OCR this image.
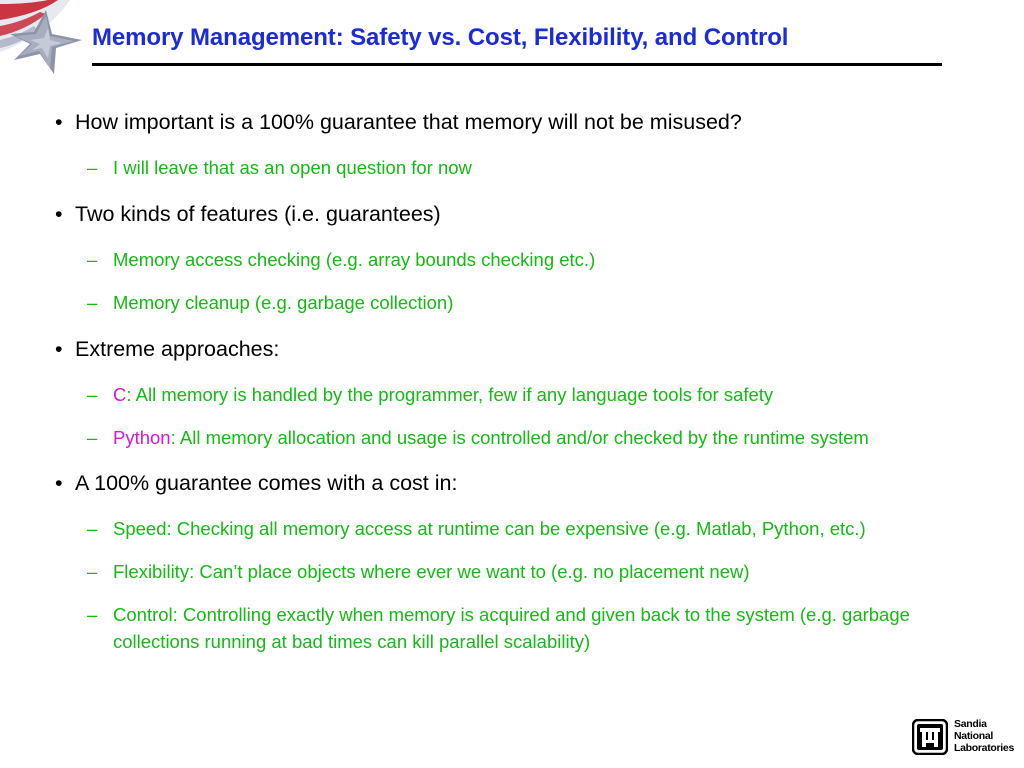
Memory Management: Safety vs. Cost, Flexibility, and Control
• How important is a 100% guarantee that memory will not be misused?
– I will leave that as an open question for now
• Two kinds of features (i.e. guarantees)
– Memory access checking (e.g. array bounds checking etc.)
– Memory cleanup (e.g. garbage collection)
• Extreme approaches:
– C: All memory is handled by the programmer, few if any language tools for safety
– Python: All memory allocation and usage is controlled and/or checked by the runtime system
• A 100% guarantee comes with a cost in:
– Speed: Checking all memory access at runtime can be expensive (e.g. Matlab, Python, etc.)
– Flexibility: Can’t place objects where ever we want to (e.g. no placement new)
– Control: Controlling exactly when memory is acquired and given back to the system (e.g. garbage collections running at bad times can kill parallel scalability)
Sandia
National
Laboratories
